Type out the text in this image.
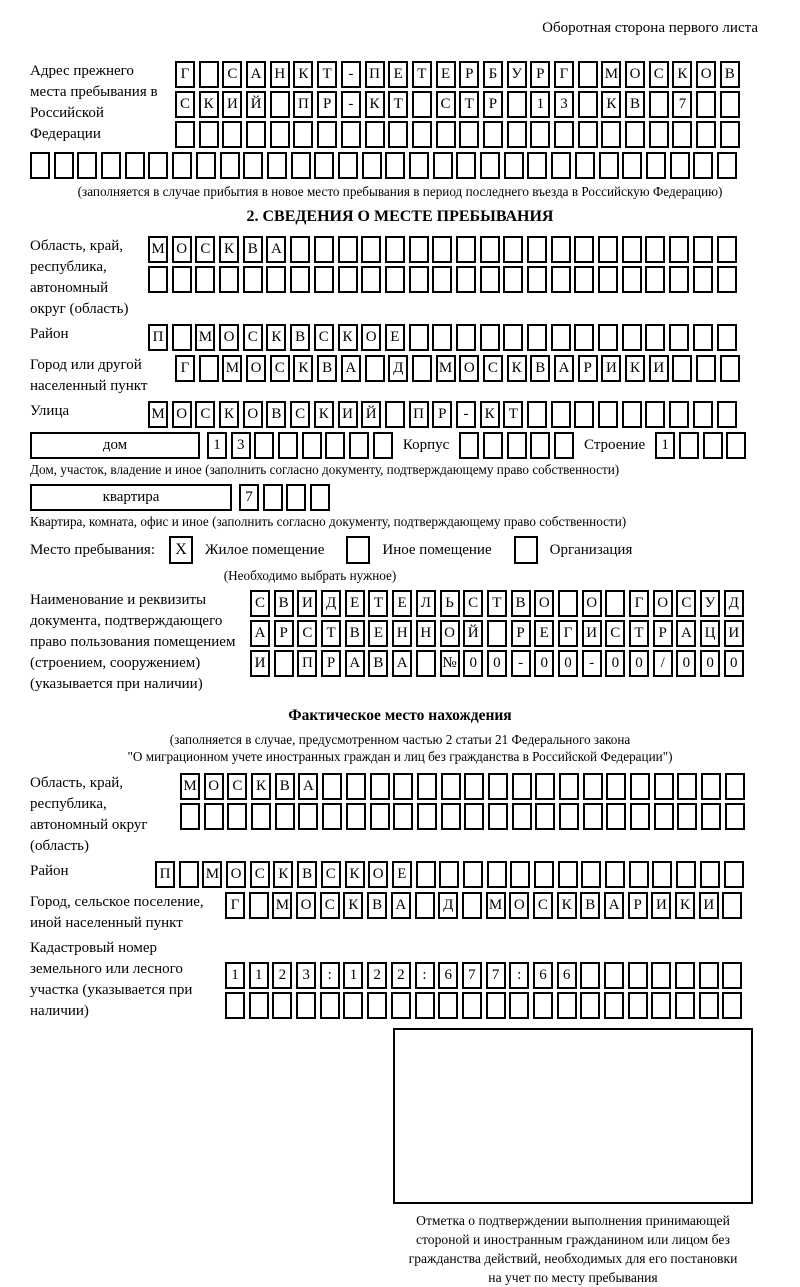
Оборотная сторона первого листа
Адрес прежнего места пребывания в Российской Федерации
Г	С А Н К Т	-	П Е Т Е Р	Б У Р	Г	М О С К О В
С К И Й	П Р	-	К Т	С Т Р	1	3	К В	7
(заполняется в случае прибытия в новое место пребывания в период последнего въезда в Российскую Федерацию)
2. СВЕДЕНИЯ О МЕСТЕ ПРЕБЫВАНИЯ
Область, край, республика, автономный округ (область)
М О С К В А
Район	П	М О С К В С К О Е
Город или другой населенный пункт
Г	М О С К В А	Д	М О С К В А Р И К И
Улица	М О С К О В С К И Й	П Р	-	К Т
дом	1	3	Корпус	Строение	1
Дом, участок, владение и иное (заполнить согласно документу, подтверждающему право собственности)
квартира	7
Квартира, комната, офис и иное (заполнить согласно документу, подтверждающему право собственности)
Место пребывания:	X	Жилое помещение	Иное помещение	Организация
(Необходимо выбрать нужное)
Наименование и реквизиты документа, подтверждающего право пользования помещением (строением, сооружением) (указывается при наличии)
С В И Д Е Т Е Л Ь С Т В О	О	Г О С У Д
А Р С Т В Е Н Н О Й	Р Е Г И С Т Р А Ц И
И	П Р А В А	№ 0	0	-	0	0	-	0	0	/	0	0	0
Фактическое место нахождения
(заполняется в случае, предусмотренном частью 2 статьи 21 Федерального закона
"О миграционном учете иностранных граждан и лиц без гражданства в Российской Федерации")
Область, край, республика, автономный округ (область)
М О С К В А
Район	П	М О С К В С К О Е
Город, сельское поселение, иной населенный пункт
Г	М О С К В А	Д	М О С К В А Р И К И
Кадастровый номер земельного или лесного участка (указывается при наличии)
1	1	2	3	:	1	2	2	:	6	7	7	:	6	6
Отметка о подтверждении выполнения принимающей
стороной и иностранным гражданином или лицом без
гражданства действий, необходимых для его постановки
на учет по месту пребывания
